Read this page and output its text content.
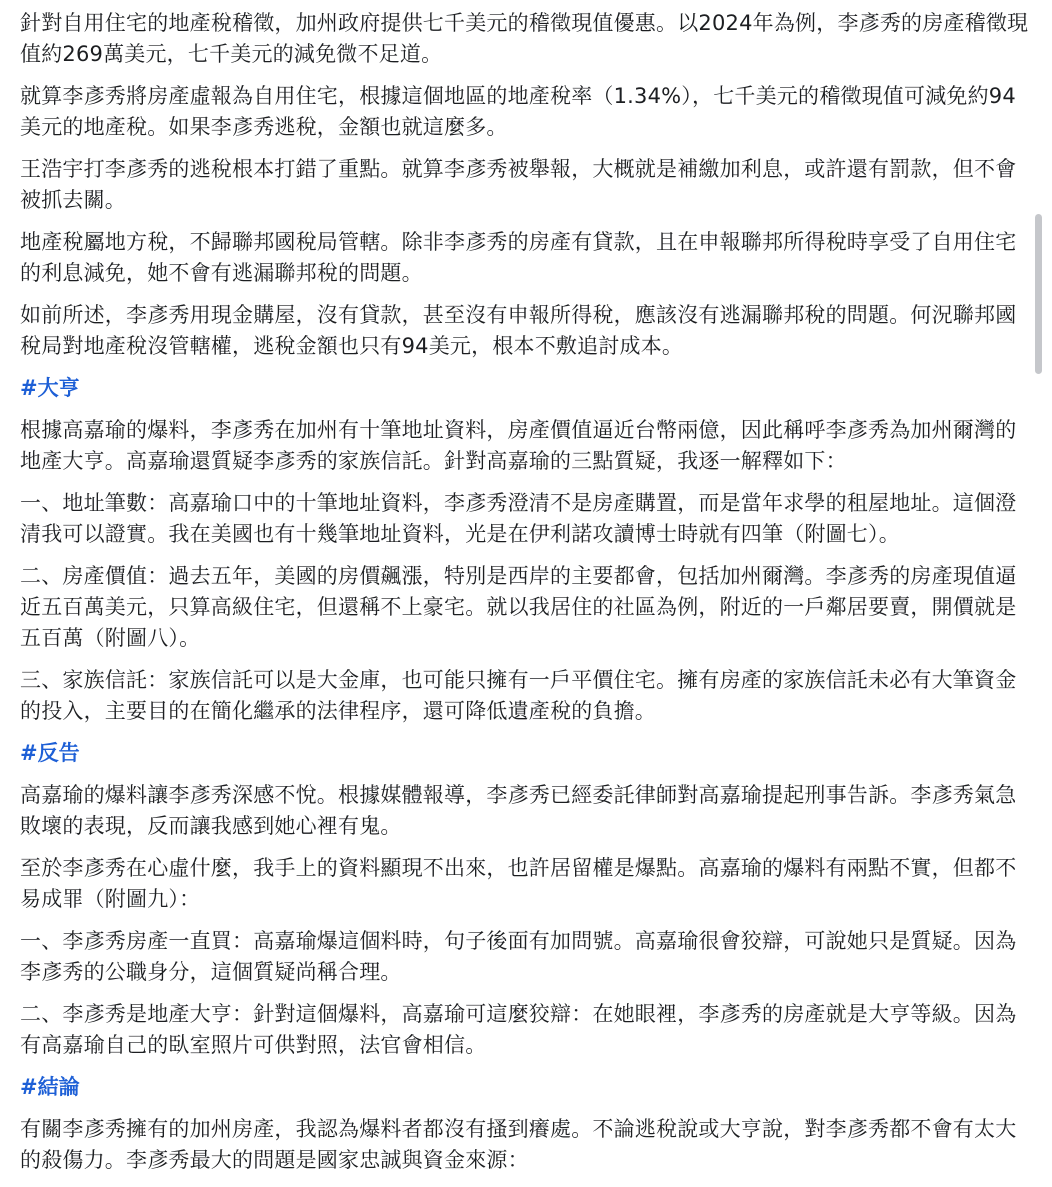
針對自用住宅的地產稅稽徵，加州政府提供七千美元的稽徵現值優惠。以2024年為例，李彥秀的房產稽徵現值約269萬美元，七千美元的減免微不足道。

就算李彥秀將房產虛報為自用住宅，根據這個地區的地產稅率（1.34%），七千美元的稽徵現值可減免約94美元的地產稅。如果李彥秀逃稅，金額也就這麼多。

王浩宇打李彥秀的逃稅根本打錯了重點。就算李彥秀被舉報，大概就是補繳加利息，或許還有罰款，但不會被抓去關。

地產稅屬地方稅，不歸聯邦國稅局管轄。除非李彥秀的房產有貸款，且在申報聯邦所得稅時享受了自用住宅的利息減免，她不會有逃漏聯邦稅的問題。

如前所述，李彥秀用現金購屋，沒有貸款，甚至沒有申報所得稅，應該沒有逃漏聯邦稅的問題。何況聯邦國稅局對地產稅沒管轄權，逃稅金額也只有94美元，根本不敷追討成本。

#大亨

根據高嘉瑜的爆料，李彥秀在加州有十筆地址資料，房產價值逼近台幣兩億，因此稱呼李彥秀為加州爾灣的地產大亨。高嘉瑜還質疑李彥秀的家族信託。針對高嘉瑜的三點質疑，我逐一解釋如下：

一、地址筆數：高嘉瑜口中的十筆地址資料，李彥秀澄清不是房產購置，而是當年求學的租屋地址。這個澄清我可以證實。我在美國也有十幾筆地址資料，光是在伊利諾攻讀博士時就有四筆（附圖七）。

二、房產價值：過去五年，美國的房價飆漲，特別是西岸的主要都會，包括加州爾灣。李彥秀的房產現值逼近五百萬美元，只算高級住宅，但還稱不上豪宅。就以我居住的社區為例，附近的一戶鄰居要賣，開價就是五百萬（附圖八）。

三、家族信託：家族信託可以是大金庫，也可能只擁有一戶平價住宅。擁有房產的家族信託未必有大筆資金的投入，主要目的在簡化繼承的法律程序，還可降低遺產稅的負擔。

#反告

高嘉瑜的爆料讓李彥秀深感不悅。根據媒體報導，李彥秀已經委託律師對高嘉瑜提起刑事告訴。李彥秀氣急敗壞的表現，反而讓我感到她心裡有鬼。

至於李彥秀在心虛什麼，我手上的資料顯現不出來，也許居留權是爆點。高嘉瑜的爆料有兩點不實，但都不易成罪（附圖九）：

一、李彥秀房產一直買：高嘉瑜爆這個料時，句子後面有加問號。高嘉瑜很會狡辯，可說她只是質疑。因為李彥秀的公職身分，這個質疑尚稱合理。

二、李彥秀是地產大亨：針對這個爆料，高嘉瑜可這麼狡辯：在她眼裡，李彥秀的房產就是大亨等級。因為有高嘉瑜自己的臥室照片可供對照，法官會相信。

#結論

有關李彥秀擁有的加州房產，我認為爆料者都沒有搔到癢處。不論逃稅說或大亨說，對李彥秀都不會有太大的殺傷力。李彥秀最大的問題是國家忠誠與資金來源：
